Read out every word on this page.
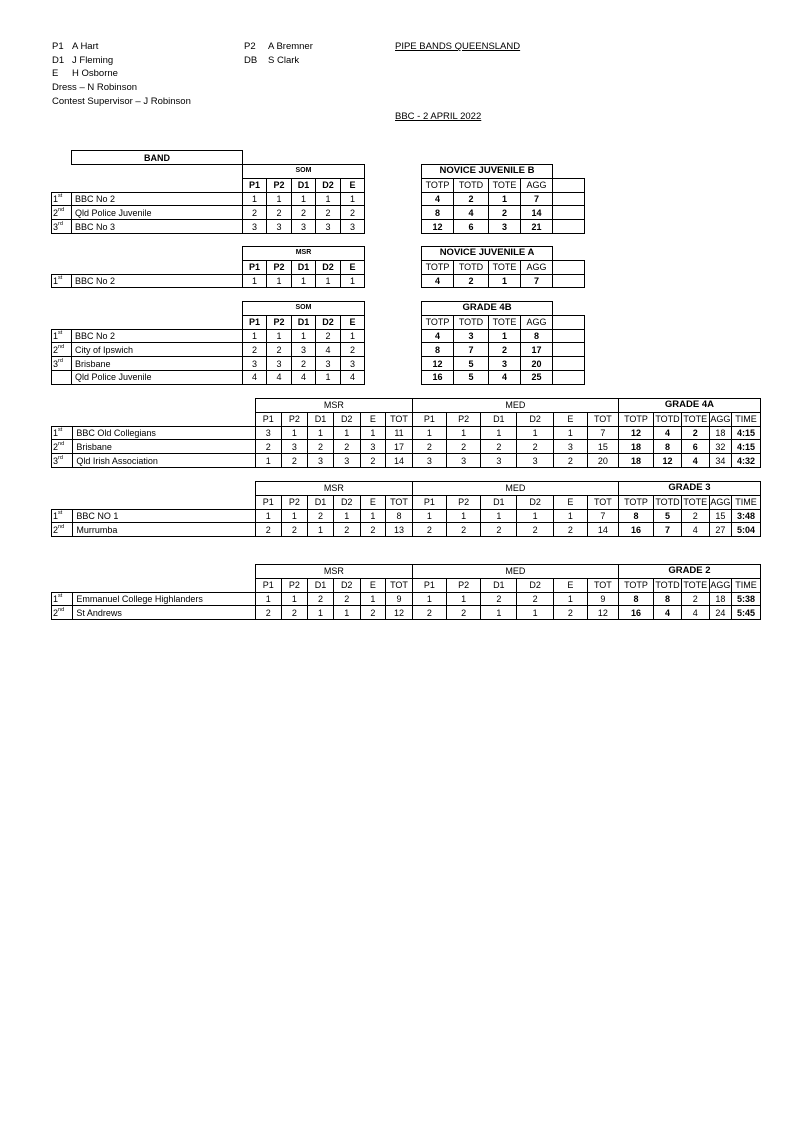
P1 A Hart
D1 J Fleming
E H Osborne
Dress – N Robinson
Contest Supervisor – J Robinson
P2 A Bremner
DB S Clark
PIPE BANDS QUEENSLAND
BBC - 2 APRIL 2022
BAND
		SOM				
		P1	P2	D1	D2	E
1st	BBC No 2	1	1	1	1	1
2nd	Qld Police Juvenile	2	2	2	2	2
3rd	BBC No 3	3	3	3	3	3
NOVICE JUVENILE B				
TOTP	TOTD	TOTE	AGG	
4	2	1	7	
8	4	2	14	
12	6	3	21	
		MSR				
		P1	P2	D1	D2	E
1st	BBC No 2	1	1	1	1	1
NOVICE JUVENILE A				
TOTP	TOTD	TOTE	AGG	
4	2	1	7	
		SOM				
		P1	P2	D1	D2	E
1st	BBC No 2	1	1	1	2	1
2nd	City of Ipswich	2	2	3	4	2
3rd	Brisbane	3	3	2	3	3
	Qld Police Juvenile	4	4	4	1	4
GRADE 4B				
TOTP	TOTD	TOTE	AGG	
4	3	1	8	
8	7	2	17	
12	5	3	20	
16	5	4	25	
		MSR						MED						GRADE 4A				
		P1	P2	D1	D2	E	TOT	P1	P2	D1	D2	E	TOT	TOTP	TOTD	TOTE	AGG	TIME
1st	BBC Old Collegians	3	1	1	1	1	11	1	1	1	1	1	7	12	4	2	18	4:15
2nd	Brisbane	2	3	2	2	3	17	2	2	2	2	3	15	18	8	6	32	4:15
3rd	Qld Irish Association	1	2	3	3	2	14	3	3	3	3	2	20	18	12	4	34	4:32
		MSR						MED						GRADE 3				
		P1	P2	D1	D2	E	TOT	P1	P2	D1	D2	E	TOT	TOTP	TOTD	TOTE	AGG	TIME
1st	BBC NO 1	1	1	2	1	1	8	1	1	1	1	1	7	8	5	2	15	3:48
2nd	Murrumba	2	2	1	2	2	13	2	2	2	2	2	14	16	7	4	27	5:04
		MSR						MED						GRADE 2				
		P1	P2	D1	D2	E	TOT	P1	P2	D1	D2	E	TOT	TOTP	TOTD	TOTE	AGG	TIME
1st	Emmanuel College Highlanders	1	1	2	2	1	9	1	1	2	2	1	9	8	8	2	18	5:38
2nd	St Andrews	2	2	1	1	2	12	2	2	1	1	2	12	16	4	4	24	5:45
